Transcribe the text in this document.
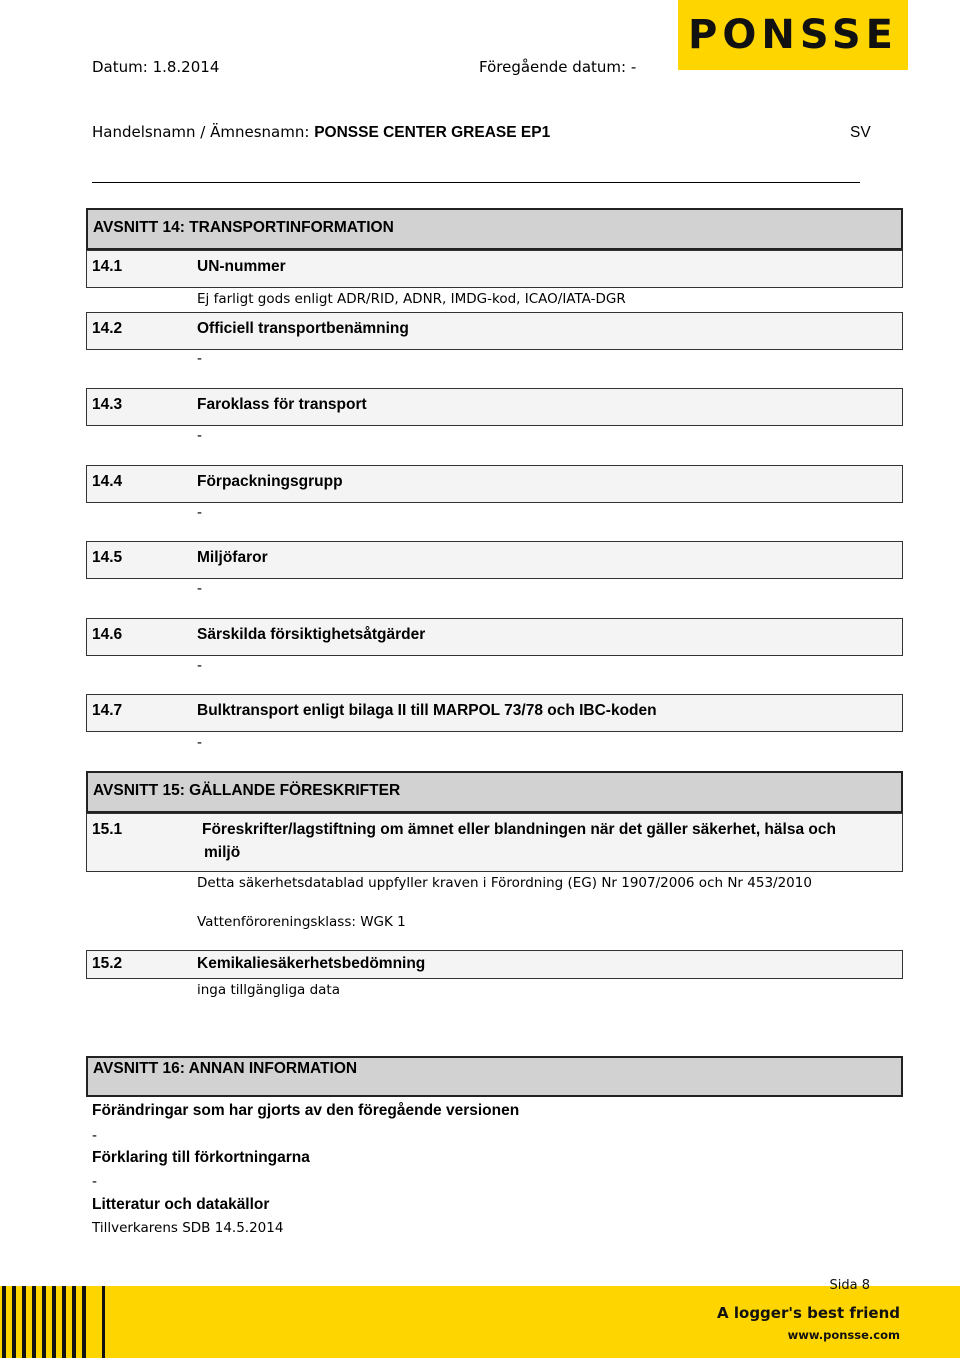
Datum: 1.8.2014	Föregående datum: -
PONSSE
Handelsnamn / Ämnesnamn: PONSSE CENTER GREASE EP1	SV
AVSNITT 14: TRANSPORTINFORMATION
14.1	UN-nummer
Ej farligt gods enligt ADR/RID, ADNR, IMDG-kod, ICAO/IATA-DGR
14.2	Officiell transportbenämning
-
14.3	Faroklass för transport
-
14.4	Förpackningsgrupp
-
14.5	Miljöfaror
-
14.6	Särskilda försiktighetsåtgärder
-
14.7	Bulktransport enligt bilaga II till MARPOL 73/78 och IBC-koden
-
AVSNITT 15: GÄLLANDE FÖRESKRIFTER
15.1	Föreskrifter/lagstiftning om ämnet eller blandningen när det gäller säkerhet, hälsa och
miljö
Detta säkerhetsdatablad uppfyller kraven i Förordning (EG) Nr 1907/2006 och Nr 453/2010
Vattenföroreningsklass: WGK 1
15.2	Kemikaliesäkerhetsbedömning
inga tillgängliga data
AVSNITT 16: ANNAN INFORMATION
Förändringar som har gjorts av den föregående versionen
-
Förklaring till förkortningarna
-
Litteratur och datakällor
Tillverkarens SDB 14.5.2014
Sida 8
A logger's best friend
www.ponsse.com
